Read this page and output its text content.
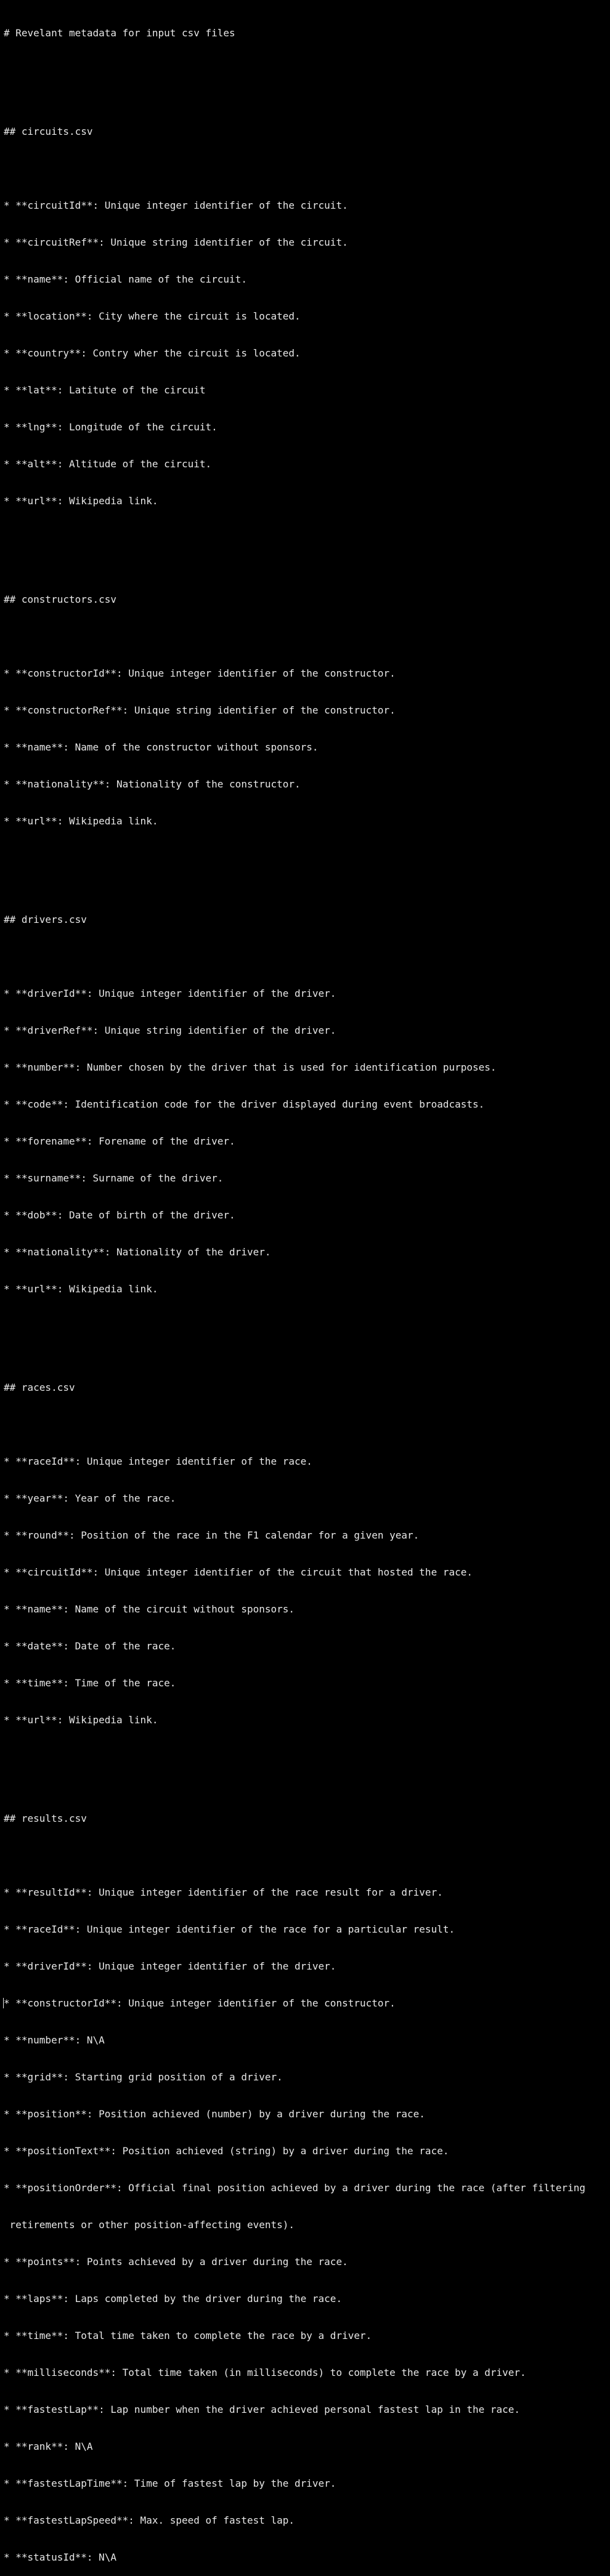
# Revelant metadata for input csv files

## circuits.csv

* **circuitId**: Unique integer identifier of the circuit.

* **circuitRef**: Unique string identifier of the circuit.

* **name**: Official name of the circuit.

* **location**: City where the circuit is located.

* **country**: Contry wher the circuit is located.

* **lat**: Latitute of the circuit

* **lng**: Longitude of the circuit.

* **alt**: Altitude of the circuit.

* **url**: Wikipedia link.

## constructors.csv

* **constructorId**: Unique integer identifier of the constructor.

* **constructorRef**: Unique string identifier of the constructor.

* **name**: Name of the constructor without sponsors.

* **nationality**: Nationality of the constructor.

* **url**: Wikipedia link.

## drivers.csv

* **driverId**: Unique integer identifier of the driver.

* **driverRef**: Unique string identifier of the driver.

* **number**: Number chosen by the driver that is used for identification purposes.

* **code**: Identification code for the driver displayed during event broadcasts.

* **forename**: Forename of the driver.

* **surname**: Surname of the driver.

* **dob**: Date of birth of the driver.

* **nationality**: Nationality of the driver.

* **url**: Wikipedia link.

## races.csv

* **raceId**: Unique integer identifier of the race.

* **year**: Year of the race.

* **round**: Position of the race in the F1 calendar for a given year.

* **circuitId**: Unique integer identifier of the circuit that hosted the race.

* **name**: Name of the circuit without sponsors.

* **date**: Date of the race.

* **time**: Time of the race.

* **url**: Wikipedia link.

## results.csv

* **resultId**: Unique integer identifier of the race result for a driver.

* **raceId**: Unique integer identifier of the race for a particular result.

* **driverId**: Unique integer identifier of the driver.

* **constructorId**: Unique integer identifier of the constructor.

* **number**: N\A

* **grid**: Starting grid position of a driver.

* **position**: Position achieved (number) by a driver during the race.

* **positionText**: Position achieved (string) by a driver during the race.

* **positionOrder**: Official final position achieved by a driver during the race (after filtering

retirements or other position-affecting events).

* **points**: Points achieved by a driver during the race.

* **laps**: Laps completed by the driver during the race.

* **time**: Total time taken to complete the race by a driver.

* **milliseconds**: Total time taken (in milliseconds) to complete the race by a driver.

* **fastestLap**: Lap number when the driver achieved personal fastest lap in the race.

* **rank**: N\A

* **fastestLapTime**: Time of fastest lap by the driver.

* **fastestLapSpeed**: Max. speed of fastest lap.

* **statusId**: N\A
